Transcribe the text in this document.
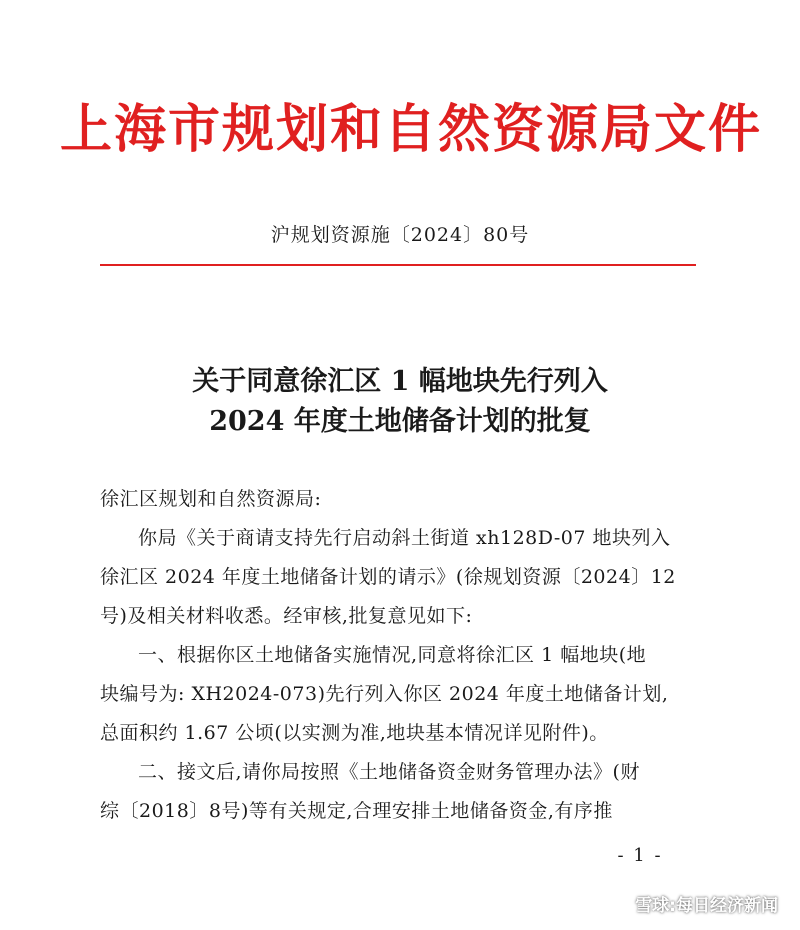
上海市规划和自然资源局文件
沪规划资源施〔2024〕80号
关于同意徐汇区 1 幅地块先行列入
2024 年度土地储备计划的批复
徐汇区规划和自然资源局:
你局《关于商请支持先行启动斜土街道 xh128D-07 地块列入
徐汇区 2024 年度土地储备计划的请示》(徐规划资源〔2024〕12
号)及相关材料收悉。经审核,批复意见如下:
一、根据你区土地储备实施情况,同意将徐汇区 1 幅地块(地
块编号为: XH2024-073)先行列入你区 2024 年度土地储备计划,
总面积约 1.67 公顷(以实测为准,地块基本情况详见附件)。
二、接文后,请你局按照《土地储备资金财务管理办法》(财
综〔2018〕8号)等有关规定,合理安排土地储备资金,有序推
- 1 -
雪球:每日经济新闻
